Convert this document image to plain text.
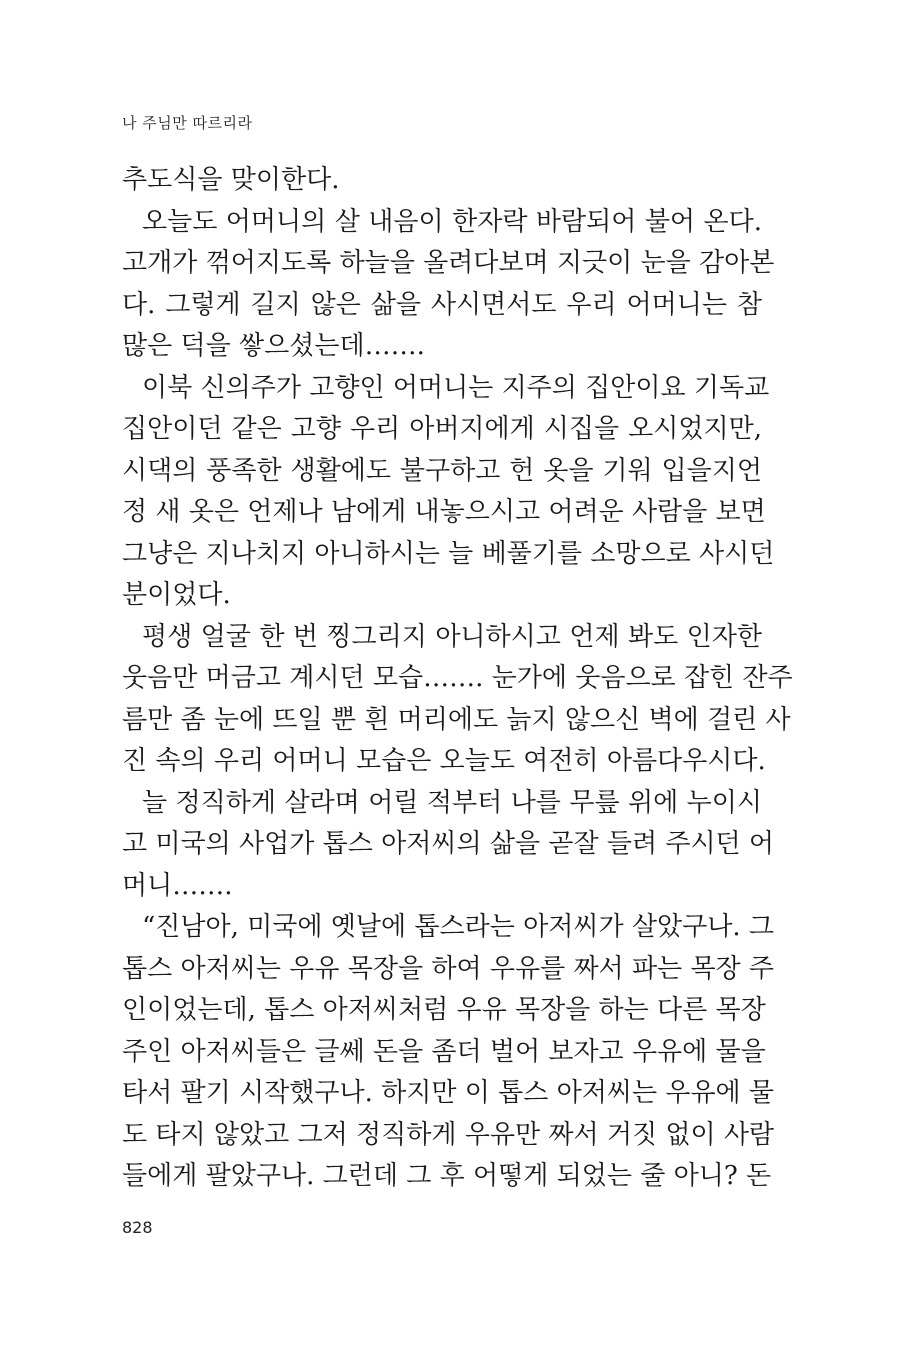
나 주님만 따르리라
추도식을 맞이한다.
오늘도 어머니의 살 내음이 한자락 바람되어 불어 온다.
고개가 꺾어지도록 하늘을 올려다보며 지긋이 눈을 감아본
다. 그렇게 길지 않은 삶을 사시면서도 우리 어머니는 참
많은 덕을 쌓으셨는데…….
이북 신의주가 고향인 어머니는 지주의 집안이요 기독교
집안이던 같은 고향 우리 아버지에게 시집을 오시었지만,
시댁의 풍족한 생활에도 불구하고 헌 옷을 기워 입을지언
정 새 옷은 언제나 남에게 내놓으시고 어려운 사람을 보면
그냥은 지나치지 아니하시는 늘 베풀기를 소망으로 사시던
분이었다.
평생 얼굴 한 번 찡그리지 아니하시고 언제 봐도 인자한
웃음만 머금고 계시던 모습……. 눈가에 웃음으로 잡힌 잔주
름만 좀 눈에 뜨일 뿐 흰 머리에도 늙지 않으신 벽에 걸린 사
진 속의 우리 어머니 모습은 오늘도 여전히 아름다우시다.
늘 정직하게 살라며 어릴 적부터 나를 무릎 위에 누이시
고 미국의 사업가 톱스 아저씨의 삶을 곧잘 들려 주시던 어
머니…….
“진남아, 미국에 옛날에 톱스라는 아저씨가 살았구나. 그
톱스 아저씨는 우유 목장을 하여 우유를 짜서 파는 목장 주
인이었는데, 톱스 아저씨처럼 우유 목장을 하는 다른 목장
주인 아저씨들은 글쎄 돈을 좀더 벌어 보자고 우유에 물을
타서 팔기 시작했구나. 하지만 이 톱스 아저씨는 우유에 물
도 타지 않았고 그저 정직하게 우유만 짜서 거짓 없이 사람
들에게 팔았구나. 그런데 그 후 어떻게 되었는 줄 아니? 돈
828
